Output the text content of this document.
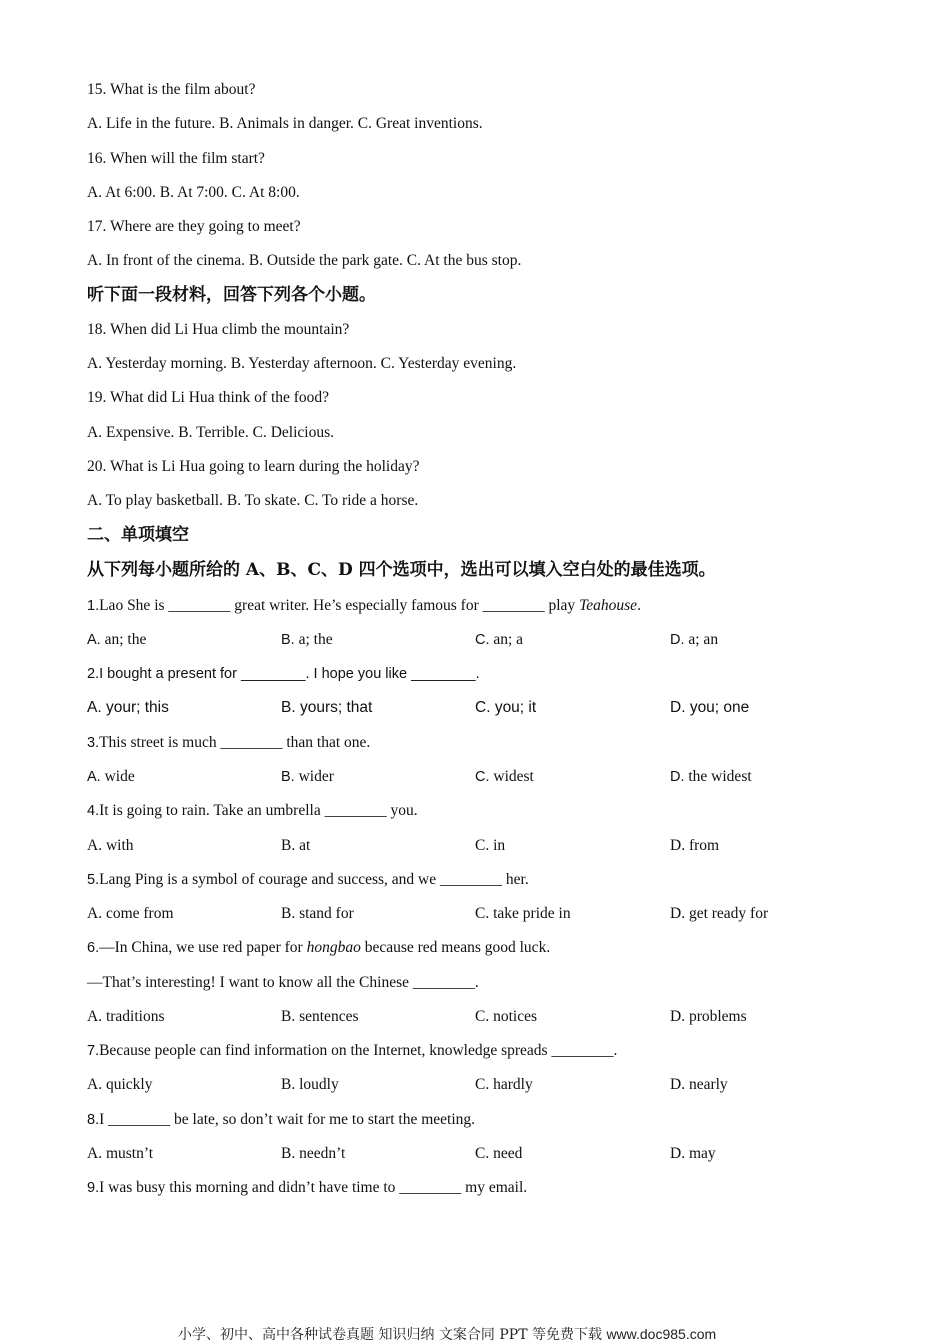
15. What is the film about?
A. Life in the future. B. Animals in danger. C. Great inventions.
16. When will the film start?
A. At 6:00. B. At 7:00. C. At 8:00.
17. Where are they going to meet?
A. In front of the cinema. B. Outside the park gate. C. At the bus stop.
听下面一段材料，回答下列各个小题。
18. When did Li Hua climb the mountain?
A. Yesterday morning. B. Yesterday afternoon. C. Yesterday evening.
19. What did Li Hua think of the food?
A. Expensive. B. Terrible. C. Delicious.
20. What is Li Hua going to learn during the holiday?
A. To play basketball. B. To skate. C. To ride a horse.
二、单项填空
从下列每小题所给的 A、B、C、D 四个选项中，选出可以填入空白处的最佳选项。
1.Lao She is ________ great writer. He’s especially famous for ________ play Teahouse.
A. an; the	B. a; the	C. an; a	D. a; an
2.I bought a present for ________. I hope you like ________.
A. your; this	B. yours; that	C. you; it	D. you; one
3.This street is much ________ than that one.
A. wide	B. wider	C. widest	D. the widest
4.It is going to rain. Take an umbrella ________ you.
A. with	B. at	C. in	D. from
5.Lang Ping is a symbol of courage and success, and we ________ her.
A. come from	B. stand for	C. take pride in	D. get ready for
6.—In China, we use red paper for hongbao because red means good luck.
—That’s interesting! I want to know all the Chinese ________.
A. traditions	B. sentences	C. notices	D. problems
7.Because people can find information on the Internet, knowledge spreads ________.
A. quickly	B. loudly	C. hardly	D. nearly
8.I ________ be late, so don’t wait for me to start the meeting.
A. mustn’t	B. needn’t	C. need	D. may
9.I was busy this morning and didn’t have time to ________ my email.
小学、初中、高中各种试卷真题 知识归纳 文案合同 PPT 等免费下载 www.doc985.com
